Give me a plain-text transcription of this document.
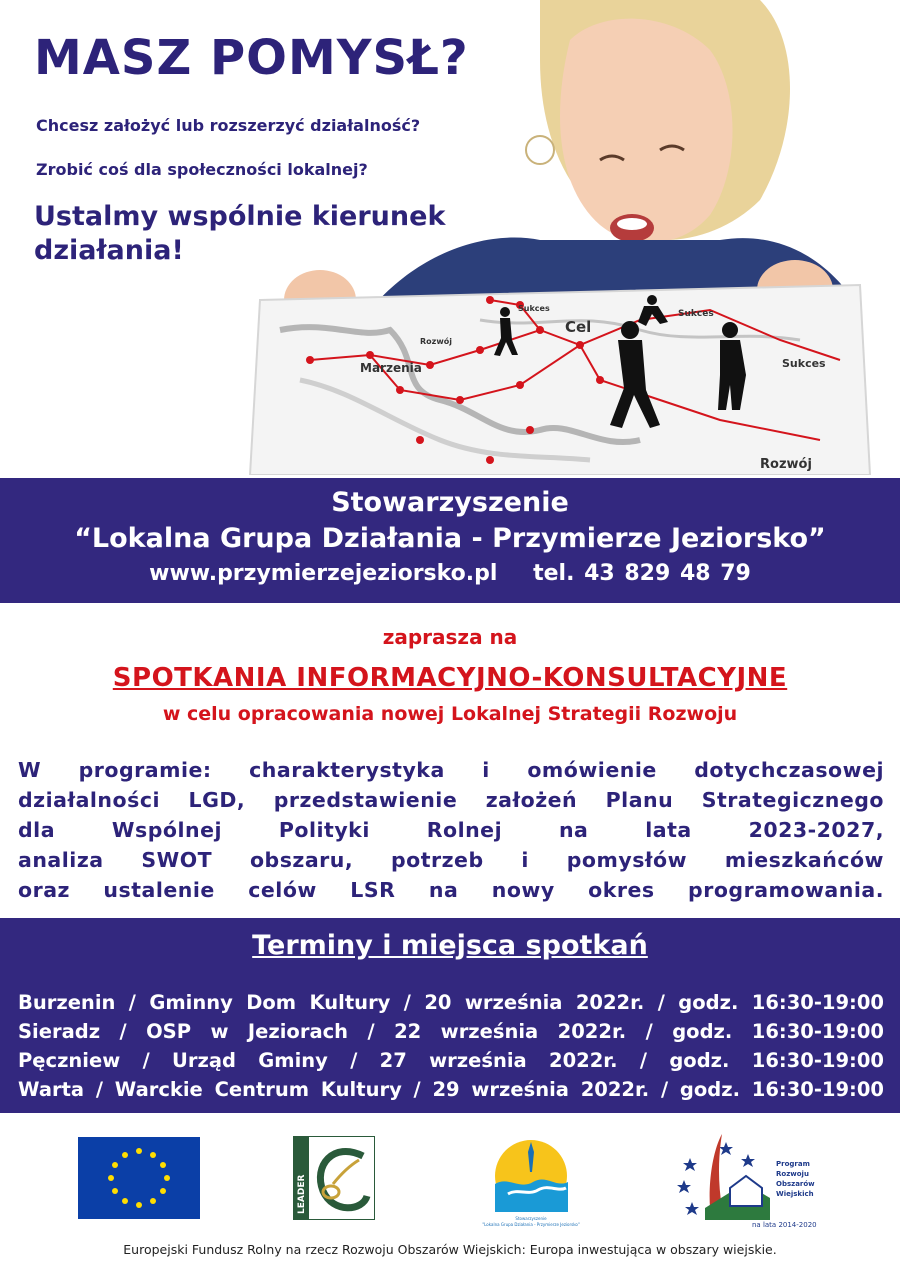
Marzenia
Rozwój
Sukces
Cel
Sukces
Sukces
Rozwój
MASZ POMYSŁ?
Chcesz założyć lub rozszerzyć działalność?
Zrobić coś dla społeczności lokalnej?
Ustalmy wspólnie kierunek działania!
Stowarzyszenie
“Lokalna Grupa Działania - Przymierze Jeziorsko”
www.przymierzejeziorsko.pl tel. 43 829 48 79
zaprasza na
SPOTKANIA INFORMACYJNO-KONSULTACYJNE
w celu opracowania nowej Lokalnej Strategii Rozwoju
W programie: charakterystyka i omówienie dotychczasowej
działalności LGD, przedstawienie założeń Planu Strategicznego
dla Wspólnej Polityki Rolnej na lata 2023-2027,
analiza SWOT obszaru, potrzeb i pomysłów mieszkańców
oraz ustalenie celów LSR na nowy okres programowania.
Terminy i miejsca spotkań
Burzenin / Gminny Dom Kultury / 20 września 2022r. / godz. 16:30-19:00
Sieradz / OSP w Jeziorach / 22 września 2022r. / godz. 16:30-19:00
Pęczniew / Urząd Gminy / 27 września 2022r. / godz. 16:30-19:00
Warta / Warckie Centrum Kultury / 29 września 2022r. / godz. 16:30-19:00
LEADER
Stowarzyszenie
"Lokalna Grupa Działania - Przymierze Jeziorsko"
Program
Rozwoju
Obszarów
Wiejskich
na lata 2014-2020
Europejski Fundusz Rolny na rzecz Rozwoju Obszarów Wiejskich: Europa inwestująca w obszary wiejskie.
